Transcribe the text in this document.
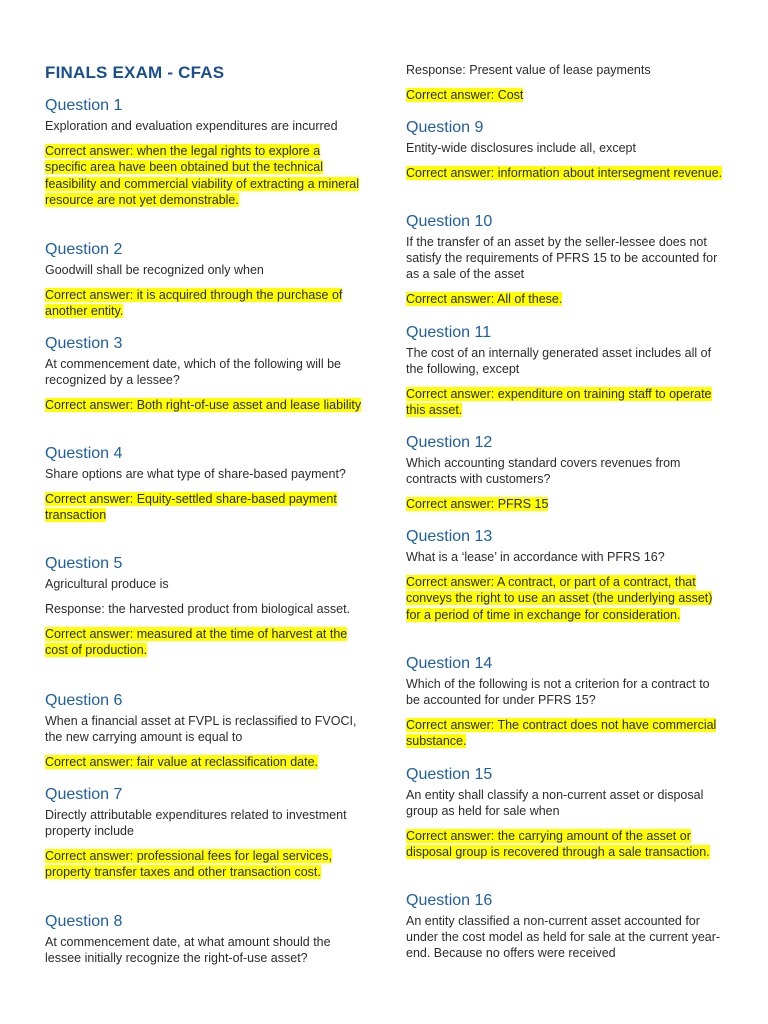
FINALS EXAM - CFAS
Question 1
Exploration and evaluation expenditures are incurred
Correct answer: when the legal rights to explore a specific area have been obtained but the technical feasibility and commercial viability of extracting a mineral resource are not yet demonstrable.
Question 2
Goodwill shall be recognized only when
Correct answer: it is acquired through the purchase of another entity.
Question 3
At commencement date, which of the following will be recognized by a lessee?
Correct answer: Both right-of-use asset and lease liability
Question 4
Share options are what type of share-based payment?
Correct answer: Equity-settled share-based payment transaction
Question 5
Agricultural produce is
Response: the harvested product from biological asset.
Correct answer: measured at the time of harvest at the cost of production.
Question 6
When a financial asset at FVPL is reclassified to FVOCI, the new carrying amount is equal to
Correct answer: fair value at reclassification date.
Question 7
Directly attributable expenditures related to investment property include
Correct answer: professional fees for legal services, property transfer taxes and other transaction cost.
Question 8
At commencement date, at what amount should the lessee initially recognize the right-of-use asset?
Response: Present value of lease payments
Correct answer: Cost
Question 9
Entity-wide disclosures include all, except
Correct answer: information about intersegment revenue.
Question 10
If the transfer of an asset by the seller-lessee does not satisfy the requirements of PFRS 15 to be accounted for as a sale of the asset
Correct answer: All of these.
Question 11
The cost of an internally generated asset includes all of the following, except
Correct answer: expenditure on training staff to operate this asset.
Question 12
Which accounting standard covers revenues from contracts with customers?
Correct answer: PFRS 15
Question 13
What is a ‘lease’ in accordance with PFRS 16?
Correct answer: A contract, or part of a contract, that conveys the right to use an asset (the underlying asset) for a period of time in exchange for consideration.
Question 14
Which of the following is not a criterion for a contract to be accounted for under PFRS 15?
Correct answer: The contract does not have commercial substance.
Question 15
An entity shall classify a non-current asset or disposal group as held for sale when
Correct answer: the carrying amount of the asset or disposal group is recovered through a sale transaction.
Question 16
An entity classified a non-current asset accounted for under the cost model as held for sale at the current year-end. Because no offers were received
